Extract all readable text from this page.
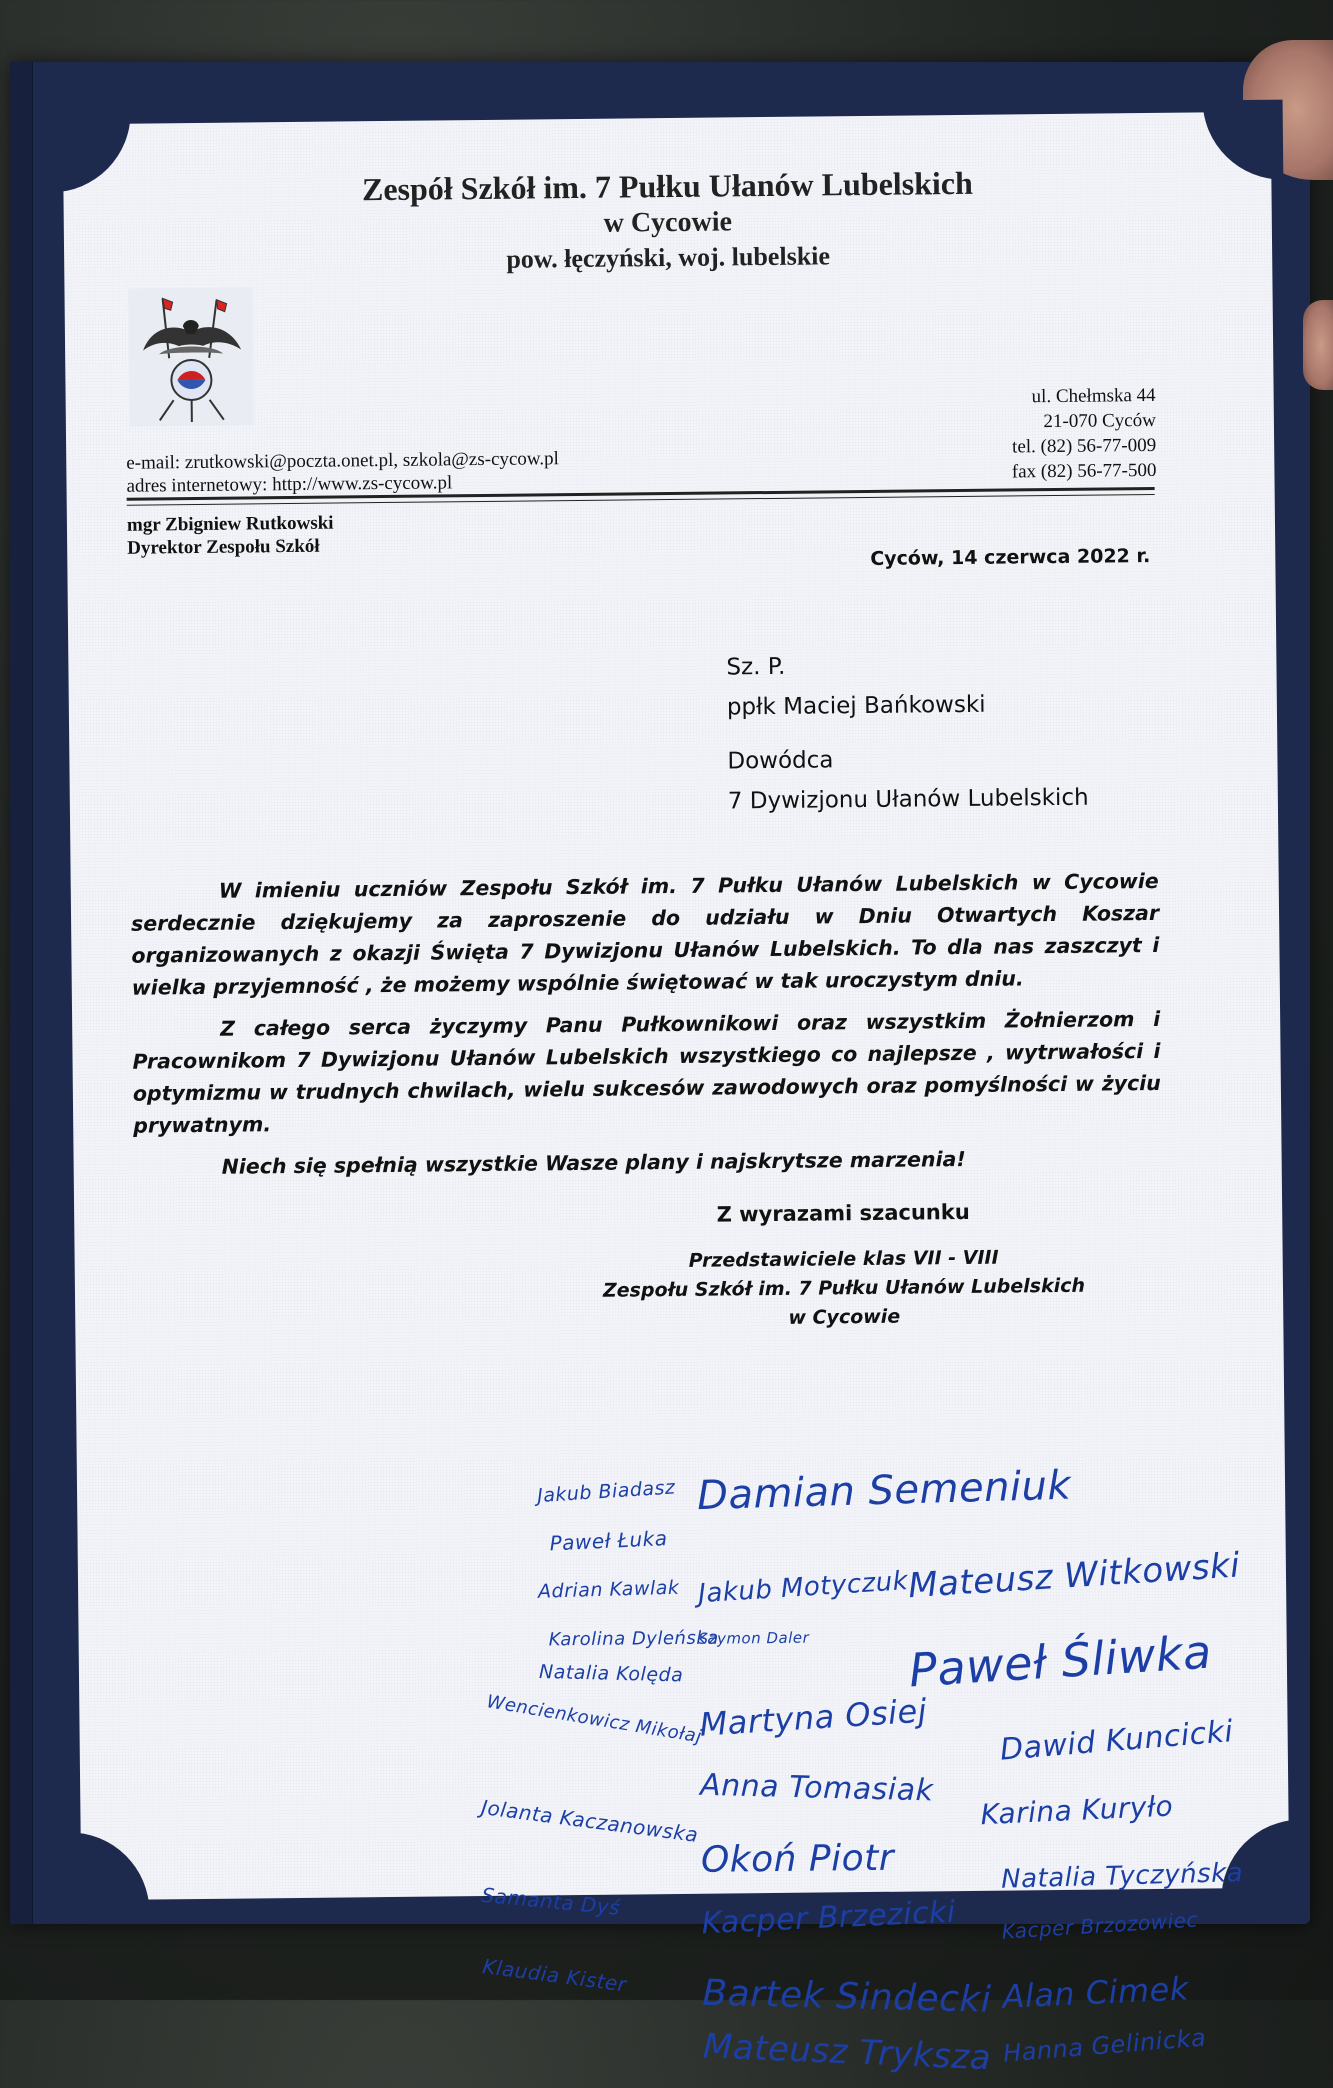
Zespół Szkół im. 7 Pułku Ułanów Lubelskich
w Cycowie
pow. łęczyński, woj. lubelskie
ul. Chełmska 44
21-070 Cyców
tel. (82) 56-77-009
fax (82) 56-77-500
e-mail: zrutkowski@poczta.onet.pl, szkola@zs-cycow.pl
adres internetowy: http://www.zs-cycow.pl
mgr Zbigniew Rutkowski
Dyrektor Zespołu Szkół	Cyców, 14 czerwca 2022 r.
Sz. P.
ppłk Maciej Bańkowski
Dowódca
7 Dywizjonu Ułanów Lubelskich

W imieniu uczniów Zespołu Szkół im. 7 Pułku Ułanów Lubelskich w Cycowie serdecznie dziękujemy za zaproszenie do udziału w Dniu Otwartych Koszar organizowanych z okazji Święta 7 Dywizjonu Ułanów Lubelskich. To dla nas zaszczyt i wielka przyjemność , że możemy wspólnie świętować w tak uroczystym dniu.

Z całego serca życzymy Panu Pułkownikowi oraz wszystkim Żołnierzom i Pracownikom 7 Dywizjonu Ułanów Lubelskich wszystkiego co najlepsze , wytrwałości i optymizmu w trudnych chwilach, wielu sukcesów zawodowych oraz pomyślności w życiu prywatnym.

Niech się spełnią wszystkie Wasze plany i najskrytsze marzenia!

Z wyrazami szacunku
Przedstawiciele klas VII - VIII
Zespołu Szkół im. 7 Pułku Ułanów Lubelskich
w Cycowie
Jakub Biadasz Damian Semeniuk
Paweł Łuka
Adrian Kawlak Jakub Motyczuk
Mateusz Witkowski
Karolina Dyleńska
Szymon Daler
Natalia Kolęda	Paweł Śliwka
Wencienkowicz Mikołaj
Martyna Osiej Dawid Kuncicki
Anna Tomasiak
Karina Kuryło
Jolanta Kaczanowska
Okoń Piotr	Natalia Tyczyńska
Samanta Dyś	Kacper Brzezicki Kacper Brzozowiec
Klaudia Kister Bartek Sindecki Alan Cimek
Mateusz Tryksza Hanna Gelinicka
